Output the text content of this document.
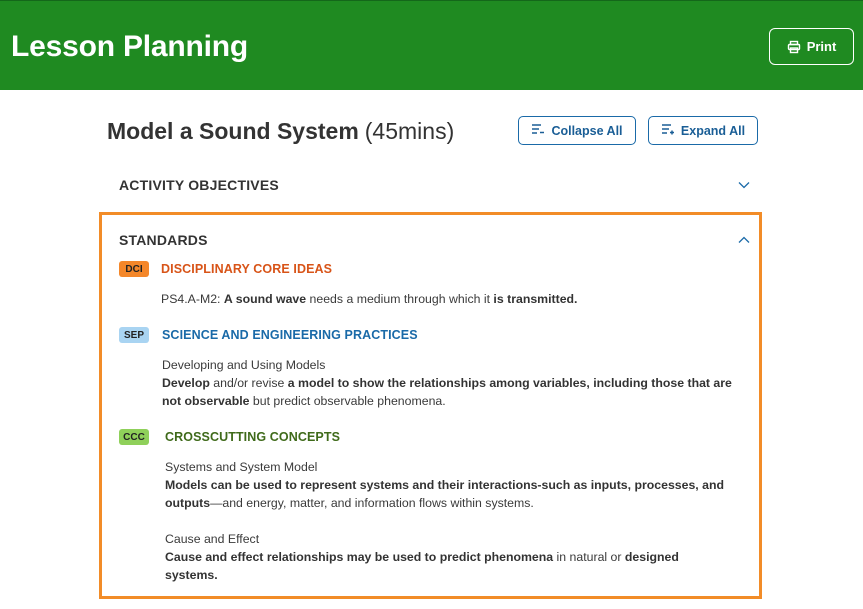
Lesson Planning	Print
Model a Sound System (45mins)	Collapse All	Expand All
ACTIVITY OBJECTIVES
STANDARDS
DCI	DISCIPLINARY CORE IDEAS
PS4.A-M2: A sound wave needs a medium through which it is transmitted.
SEP	SCIENCE AND ENGINEERING PRACTICES
Developing and Using Models
Develop and/or revise a model to show the relationships among variables, including those that are not observable but predict observable phenomena.
CCC	CROSSCUTTING CONCEPTS
Systems and System Model
Models can be used to represent systems and their interactions-such as inputs, processes, and outputs—and energy, matter, and information flows within systems.
Cause and Effect
Cause and effect relationships may be used to predict phenomena in natural or designed systems.
